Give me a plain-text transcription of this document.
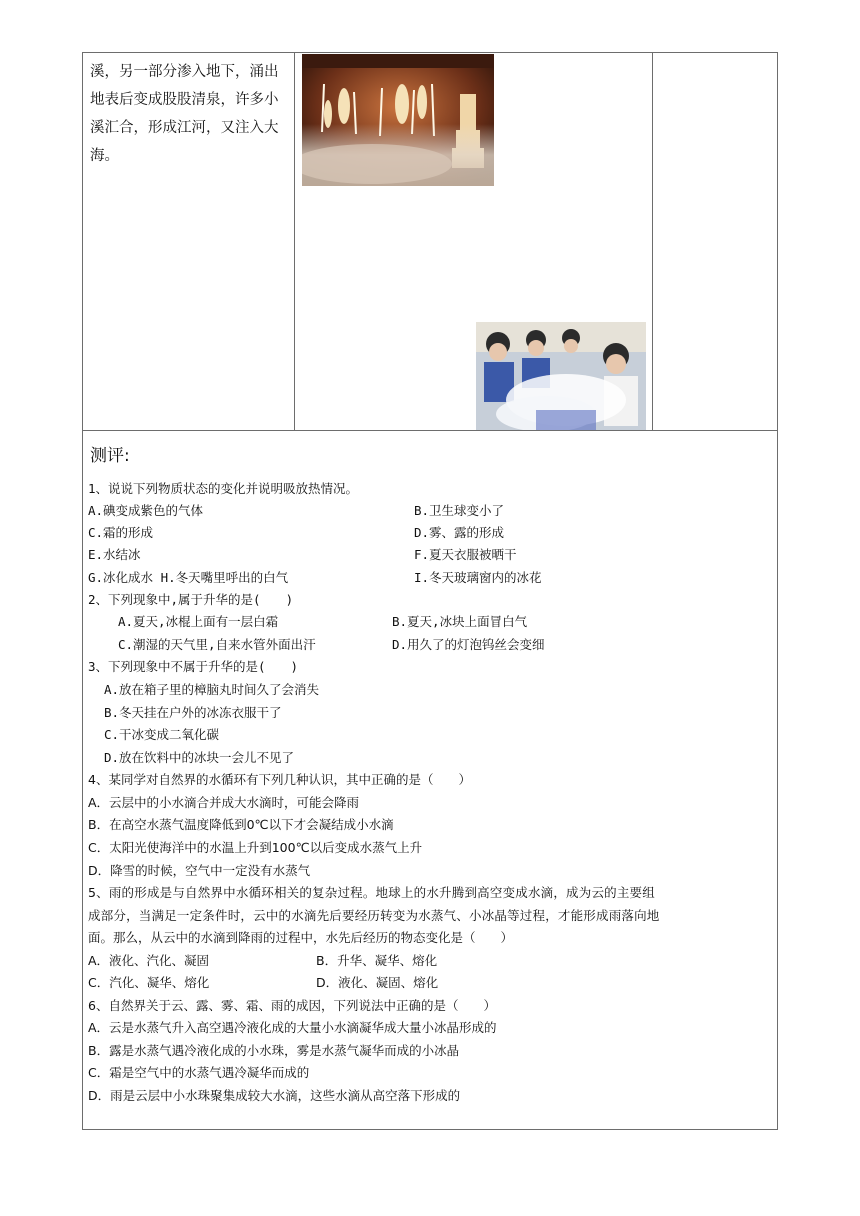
溪，另一部分渗入地下，涌出
地表后变成股股清泉，许多小
溪汇合，形成江河，又注入大
海。
测评:
1、说说下列物质状态的变化并说明吸放热情况。
A.碘变成紫色的气体	B.卫生球变小了
C.霜的形成	D.雾、露的形成
E.水结冰	F.夏天衣服被晒干
G.冰化成水 H.冬天嘴里呼出的白气	I.冬天玻璃窗内的冰花
2、下列现象中,属于升华的是(　　)
A.夏天,冰棍上面有一层白霜	B.夏天,冰块上面冒白气
C.潮湿的天气里,自来水管外面出汗	D.用久了的灯泡钨丝会变细
3、下列现象中不属于升华的是(　　)
A.放在箱子里的樟脑丸时间久了会消失
B.冬天挂在户外的冰冻衣服干了
C.干冰变成二氧化碳
D.放在饮料中的冰块一会儿不见了
4、某同学对自然界的水循环有下列几种认识，其中正确的是（　　）
A．云层中的小水滴合并成大水滴时，可能会降雨
B．在高空水蒸气温度降低到0℃以下才会凝结成小水滴
C．太阳光使海洋中的水温上升到100℃以后变成水蒸气上升
D．降雪的时候，空气中一定没有水蒸气
5、雨的形成是与自然界中水循环相关的复杂过程。地球上的水升腾到高空变成水滴，成为云的主要组
成部分，当满足一定条件时，云中的水滴先后要经历转变为水蒸气、小冰晶等过程，才能形成雨落向地
面。那么，从云中的水滴到降雨的过程中，水先后经历的物态变化是（　　）
A．液化、汽化、凝固	B．升华、凝华、熔化
C．汽化、凝华、熔化	D．液化、凝固、熔化
6、自然界关于云、露、雾、霜、雨的成因，下列说法中正确的是（　　）
A．云是水蒸气升入高空遇冷液化成的大量小水滴凝华成大量小冰晶形成的
B．露是水蒸气遇冷液化成的小水珠，雾是水蒸气凝华而成的小冰晶
C．霜是空气中的水蒸气遇冷凝华而成的
D．雨是云层中小水珠聚集成较大水滴，这些水滴从高空落下形成的
